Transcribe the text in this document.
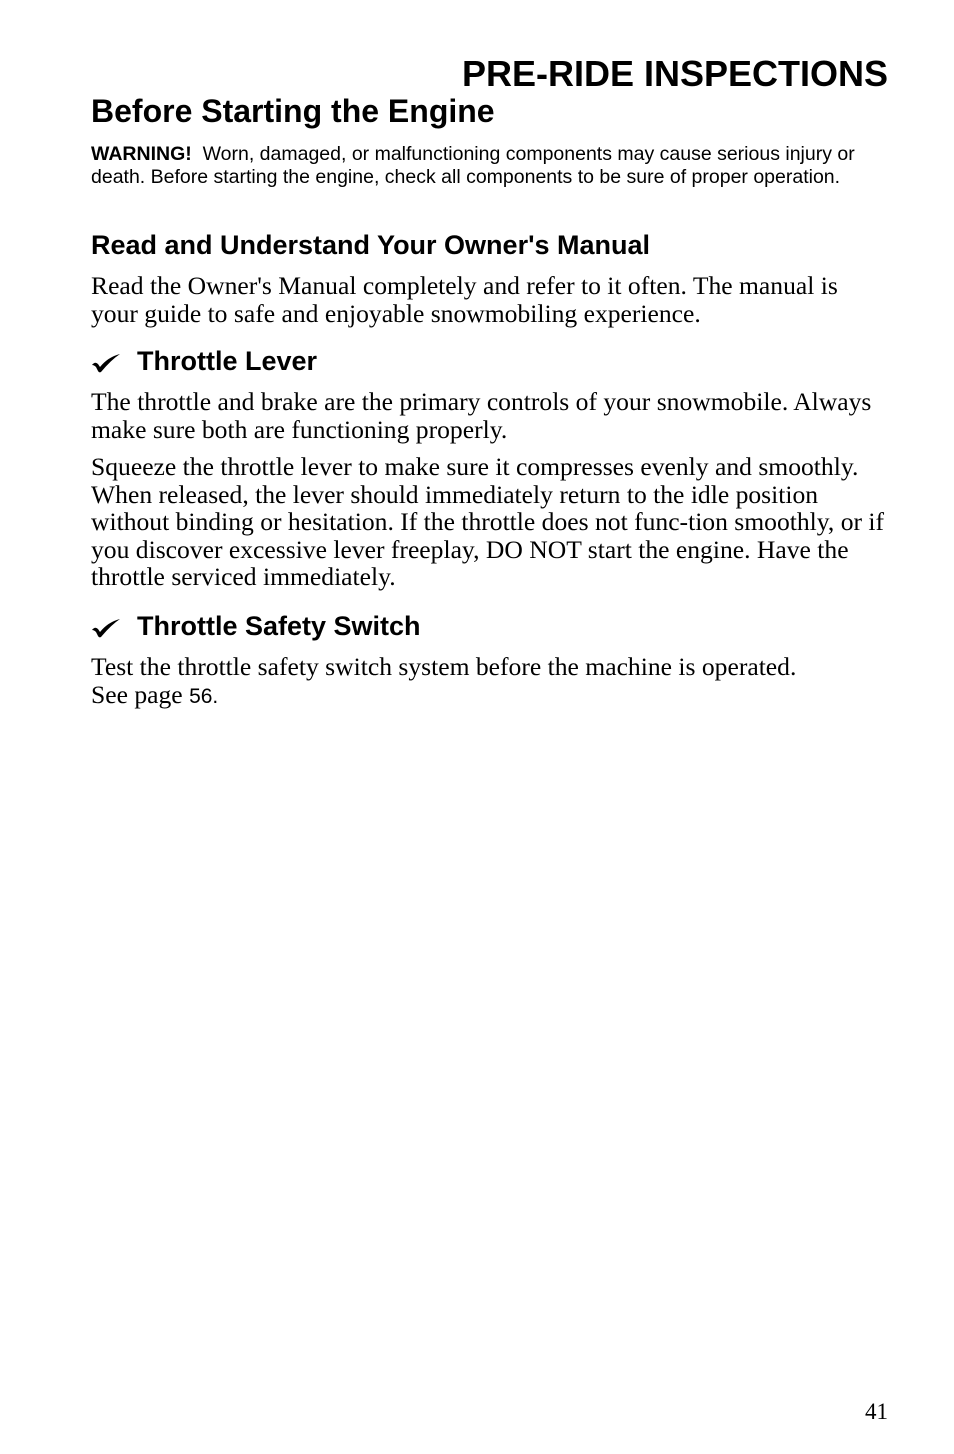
PRE-RIDE INSPECTIONS
Before Starting the Engine

WARNING! Worn, damaged, or malfunctioning components may cause serious injury or death. Before starting the engine, check all components to be sure of proper operation.

Read and Understand Your Owner's Manual

Read the Owner's Manual completely and refer to it often. The manual is your guide to safe and enjoyable snowmobiling experience.

Throttle Lever

The throttle and brake are the primary controls of your snowmobile. Always make sure both are functioning properly.

Squeeze the throttle lever to make sure it compresses evenly and smoothly. When released, the lever should immediately return to the idle position without binding or hesitation. If the throttle does not func-tion smoothly, or if you discover excessive lever freeplay, DO NOT start the engine. Have the throttle serviced immediately.

Throttle Safety Switch

Test the throttle safety switch system before the machine is operated.
See page 56.

41
